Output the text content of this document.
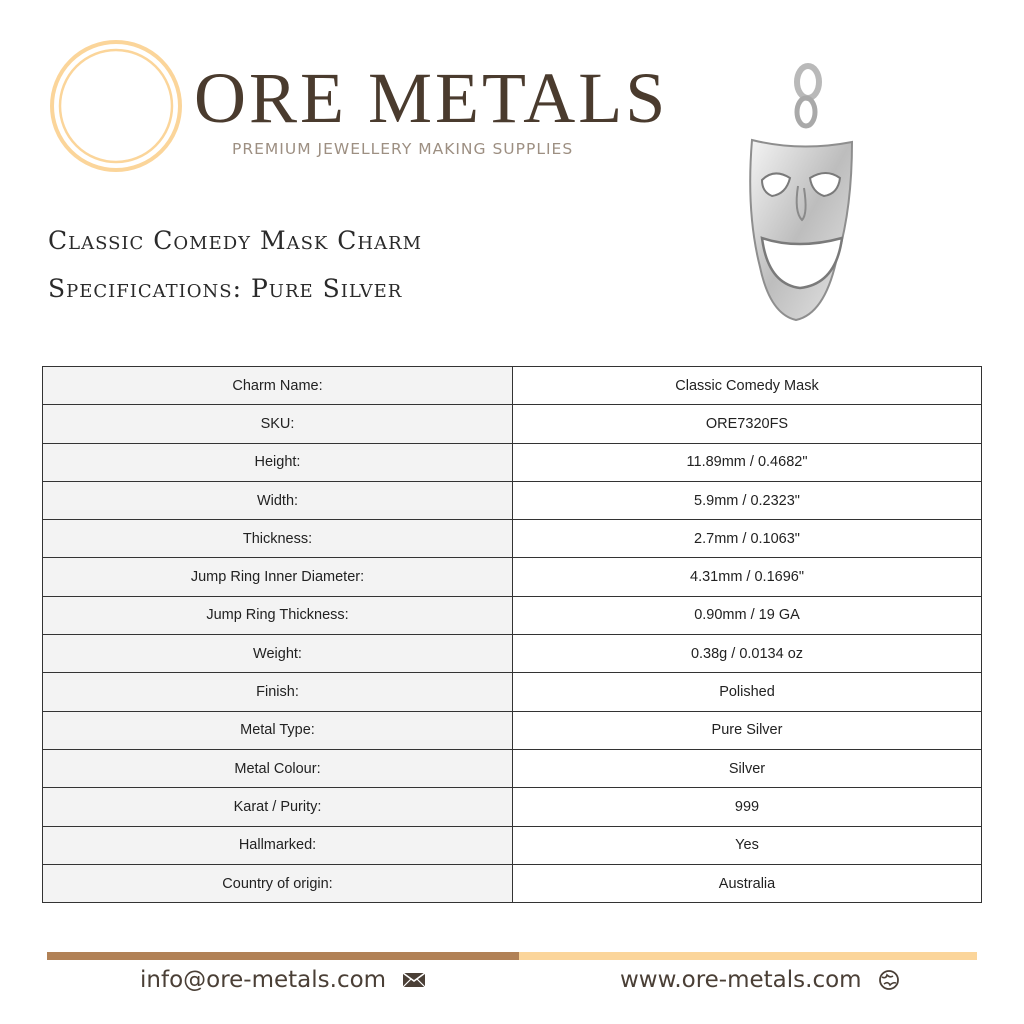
ORE METALS
PREMIUM JEWELLERY MAKING SUPPLIES
Classic Comedy Mask Charm
Specifications: Pure Silver
Charm Name:	Classic Comedy Mask
SKU:	ORE7320FS
Height:	11.89mm / 0.4682"
Width:	5.9mm / 0.2323"
Thickness:	2.7mm / 0.1063"
Jump Ring Inner Diameter:	4.31mm / 0.1696"
Jump Ring Thickness:	0.90mm / 19 GA
Weight:	0.38g / 0.0134 oz
Finish:	Polished
Metal Type:	Pure Silver
Metal Colour:	Silver
Karat / Purity:	999
Hallmarked:	Yes
Country of origin:	Australia
info@ore-metals.com	www.ore-metals.com
